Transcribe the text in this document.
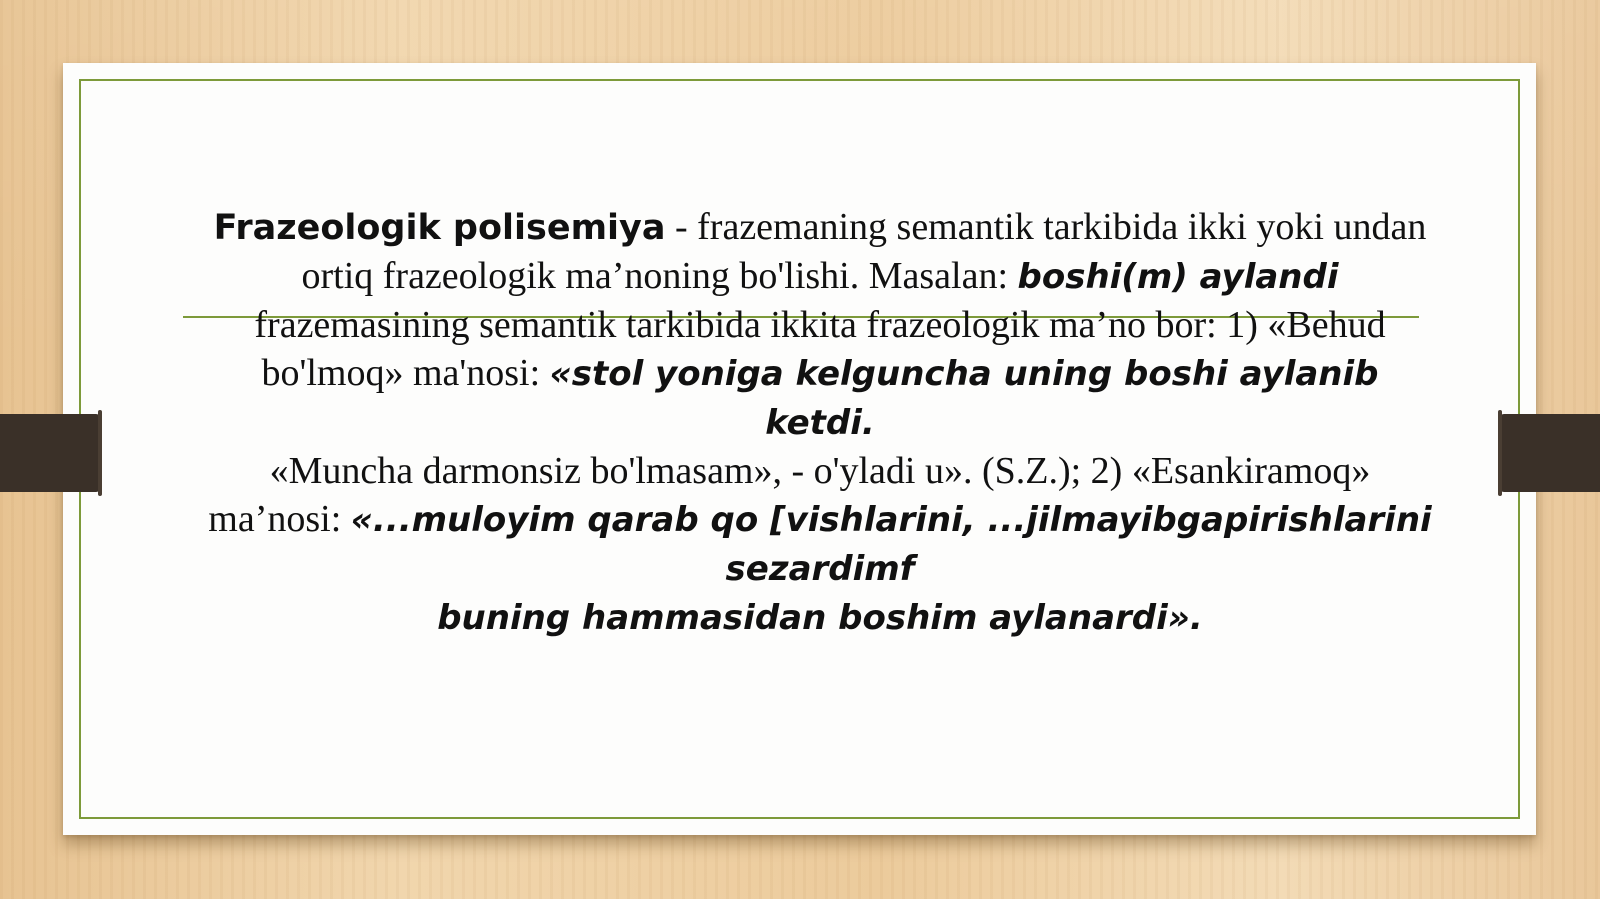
Frazeologik polisemiya - frazemaning semantik tarkibida ikki yoki undan ortiq frazeologik ma’noning bo'lishi. Masalan: boshi(m) aylandi frazemasining semantik tarkibida ikkita frazeologik ma’no bor: 1) «Behud bo'lmoq» ma'nosi: «stol yoniga kelguncha uning boshi aylanib ketdi.
«Muncha darmonsiz bo'lmasam», - o'yladi u». (S.Z.); 2) «Esankiramoq» ma’nosi: «...muloyim qarab qo [vishlarini, ...jilmayibgapirishlarini sezardimf
buning hammasidan boshim aylanardi».
